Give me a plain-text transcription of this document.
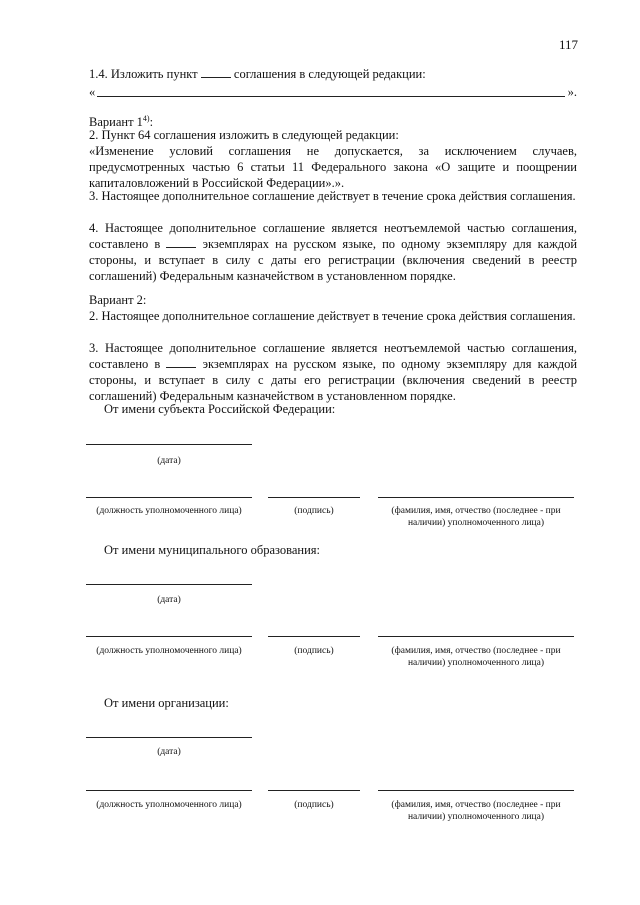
117
1.4. Изложить пункт	соглашения в следующей редакции:
«	».
Вариант 1$^{4)}$:
2. Пункт 64 соглашения изложить в следующей редакции:
«Изменение условий соглашения не допускается, за исключением случаев, предусмотренных частью 6 статьи 11 Федерального закона «О защите и поощрении капиталовложений в Российской Федерации».».
3. Настоящее дополнительное соглашение действует в течение срока действия соглашения.
4. Настоящее дополнительное соглашение является неотъемлемой частью соглашения, составлено в	экземплярах на русском языке, по одному экземпляру для каждой стороны, и вступает в силу с даты его регистрации (включения сведений в реестр соглашений) Федеральным казначейством в установленном порядке.
Вариант 2:
2. Настоящее дополнительное соглашение действует в течение срока действия соглашения.
3. Настоящее дополнительное соглашение является неотъемлемой частью соглашения, составлено в	экземплярах на русском языке, по одному экземпляру для каждой стороны, и вступает в силу с даты его регистрации (включения сведений в реестр соглашений) Федеральным казначейством в установленном порядке.
От имени субъекта Российской Федерации:
(дата)
(должность уполномоченного лица)	(подпись)	(фамилия, имя, отчество (последнее - при наличии) уполномоченного лица)
От имени муниципального образования:
(дата)
(должность уполномоченного лица)	(подпись)	(фамилия, имя, отчество (последнее - при наличии) уполномоченного лица)
От имени организации:
(дата)
(должность уполномоченного лица)	(подпись)	(фамилия, имя, отчество (последнее - при наличии) уполномоченного лица)
